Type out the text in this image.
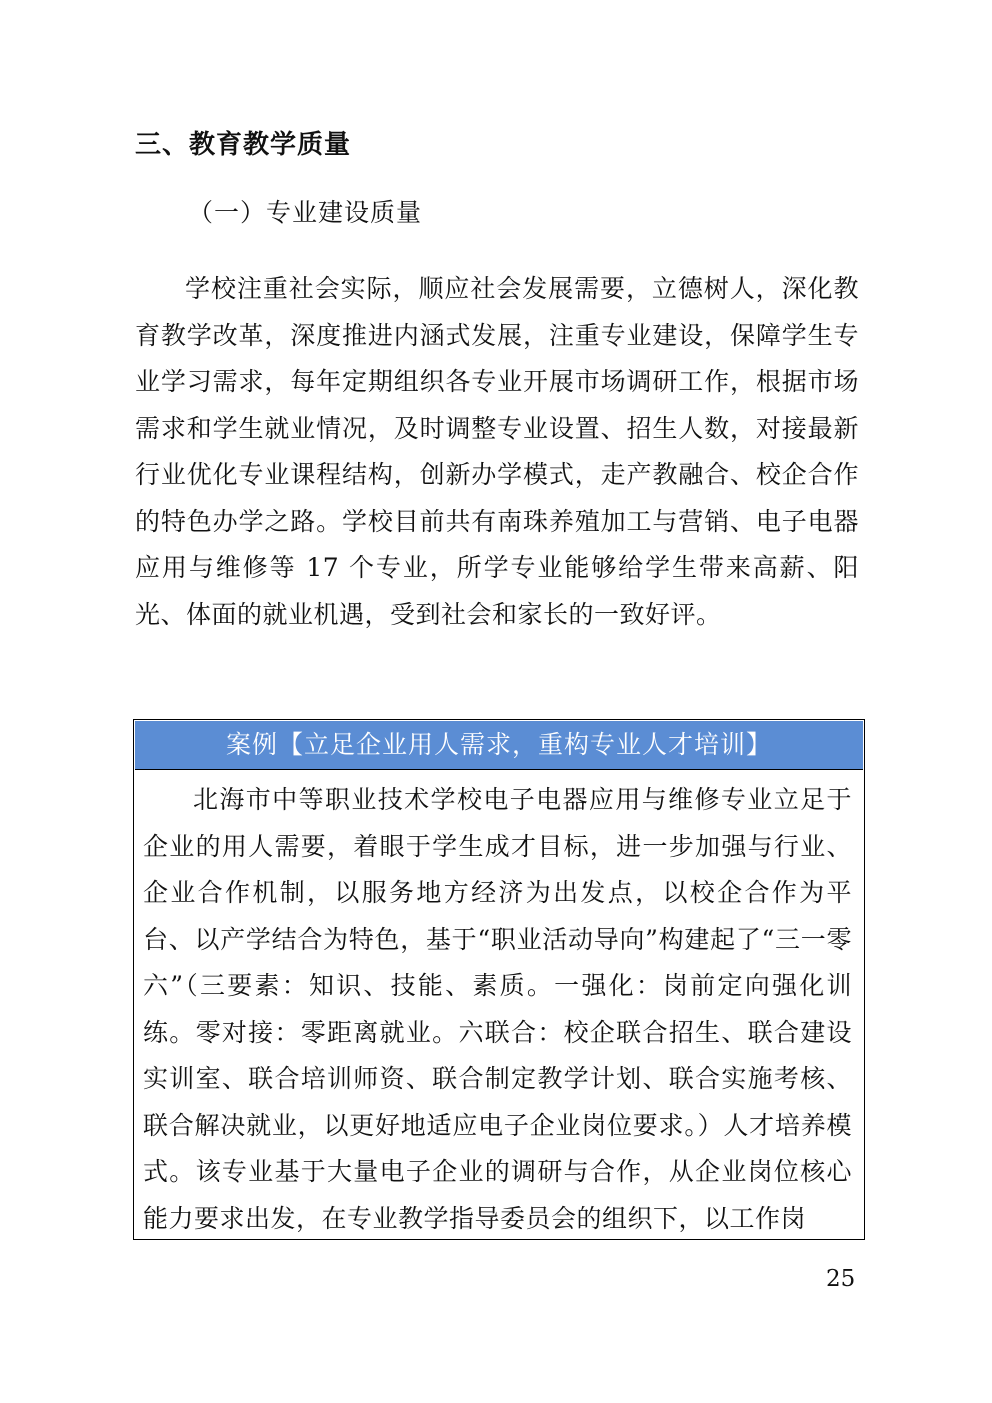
三、教育教学质量
（一）专业建设质量

学校注重社会实际，顺应社会发展需要，立德树人，深化教育教学改革，深度推进内涵式发展，注重专业建设，保障学生专业学习需求，每年定期组织各专业开展市场调研工作，根据市场需求和学生就业情况，及时调整专业设置、招生人数，对接最新行业优化专业课程结构，创新办学模式，走产教融合、校企合作的特色办学之路。学校目前共有南珠养殖加工与营销、电子电器应用与维修等 17 个专业，所学专业能够给学生带来高薪、阳光、体面的就业机遇，受到社会和家长的一致好评。

案例【立足企业用人需求，重构专业人才培训】

北海市中等职业技术学校电子电器应用与维修专业立足于企业的用人需要，着眼于学生成才目标，进一步加强与行业、企业合作机制，以服务地方经济为出发点，以校企合作为平台、以产学结合为特色，基于“职业活动导向”构建起了“三一零六”（三要素：知识、技能、素质。一强化：岗前定向强化训练。零对接：零距离就业。六联合：校企联合招生、联合建设实训室、联合培训师资、联合制定教学计划、联合实施考核、联合解决就业，以更好地适应电子企业岗位要求。）人才培养模式。该专业基于大量电子企业的调研与合作，从企业岗位核心能力要求出发，在专业教学指导委员会的组织下，以工作岗

25
